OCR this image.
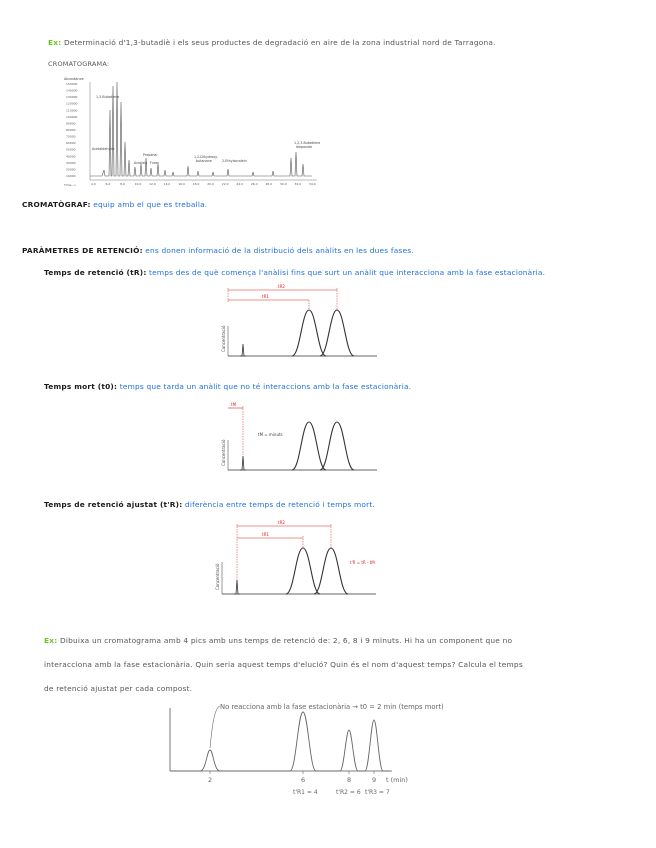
Ex: Determinació d'1,3-butadiè i els seus productes de degradació en aire de la zona industrial nord de Tarragona.
CROMATOGRAMA:
Abundance
150000
140000
130000
120000
110000
100000
90000
80000
70000
60000
50000
40000
30000
20000
10000
4.0	6.0	8.0	10.0	12.0	14.0	16.0	18.0	20.0	22.0	24.0	26.0	28.0	30.0	32.0	34.0
Time-->
1,3-Butadiene
Acetaldehyde
Propanal
Acrolein Furan
1,2-Dihydroxy-
butanone	2-Ethylacrolein
1,2,3-Butadiene
diepoxide
CROMATÒGRAF: equip amb el que es treballa.
PARÀMETRES DE RETENCIÓ: ens donen informació de la distribució dels anàlits en les dues fases.
Temps de retenció (tR): temps des de què comença l'anàlisi fins que surt un anàlit que interacciona amb la fase estacionària.
Concentració
tR2
tR1
Temps mort (t0): temps que tarda un anàlit que no té interaccions amb la fase estacionària.
Concentració
tM
tM = minuts
Temps de retenció ajustat (t'R): diferència entre temps de retenció i temps mort.
Concentració
tR2
tR1
t'R = tR - tM
Ex: Dibuixa un cromatograma amb 4 pics amb uns temps de retenció de: 2, 6, 8 i 9 minuts. Hi ha un component que no
interacciona amb la fase estacionària. Quin seria aquest temps d'elució? Quin és el nom d'aquest temps? Calcula el temps
de retenció ajustat per cada compost.
No reacciona amb la fase estacionària → t0 = 2 min (temps mort)
2	6	8	9 t (min)
t'R1 = 4	t'R2 = 6 t'R3 = 7
